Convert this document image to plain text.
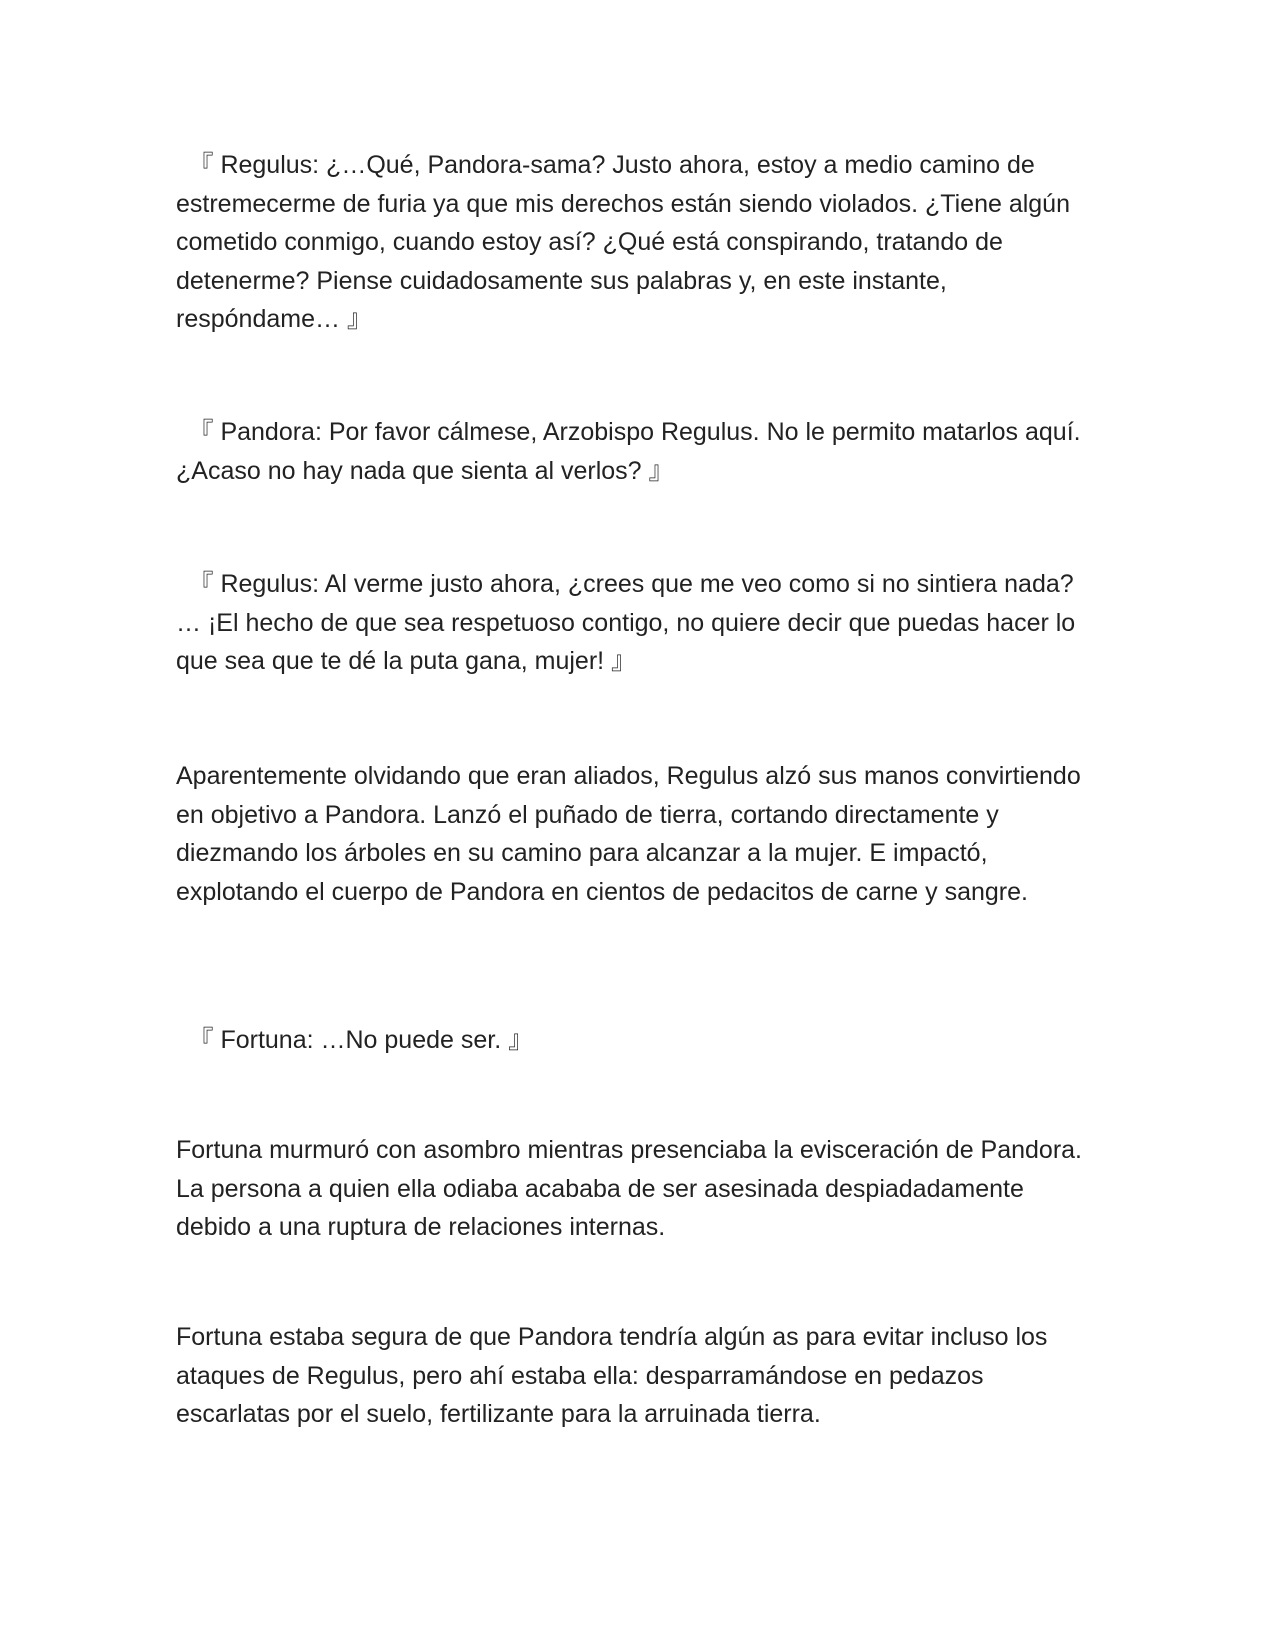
　『 Regulus: ¿…Qué, Pandora-sama? Justo ahora, estoy a medio camino de estremecerme de furia ya que mis derechos están siendo violados. ¿Tiene algún cometido conmigo, cuando estoy así? ¿Qué está conspirando, tratando de detenerme? Piense cuidadosamente sus palabras y, en este instante, respóndame… 』

　『 Pandora: Por favor cálmese, Arzobispo Regulus. No le permito matarlos aquí. ¿Acaso no hay nada que sienta al verlos? 』

　『 Regulus: Al verme justo ahora, ¿crees que me veo como si no sintiera nada? … ¡El hecho de que sea respetuoso contigo, no quiere decir que puedas hacer lo que sea que te dé la puta gana, mujer! 』

Aparentemente olvidando que eran aliados, Regulus alzó sus manos convirtiendo en objetivo a Pandora. Lanzó el puñado de tierra, cortando directamente y diezmando los árboles en su camino para alcanzar a la mujer. E impactó, explotando el cuerpo de Pandora en cientos de pedacitos de carne y sangre.

　『 Fortuna: …No puede ser. 』

Fortuna murmuró con asombro mientras presenciaba la evisceración de Pandora. La persona a quien ella odiaba acababa de ser asesinada despiadadamente debido a una ruptura de relaciones internas.

Fortuna estaba segura de que Pandora tendría algún as para evitar incluso los ataques de Regulus, pero ahí estaba ella: desparramándose en pedazos escarlatas por el suelo, fertilizante para la arruinada tierra.
